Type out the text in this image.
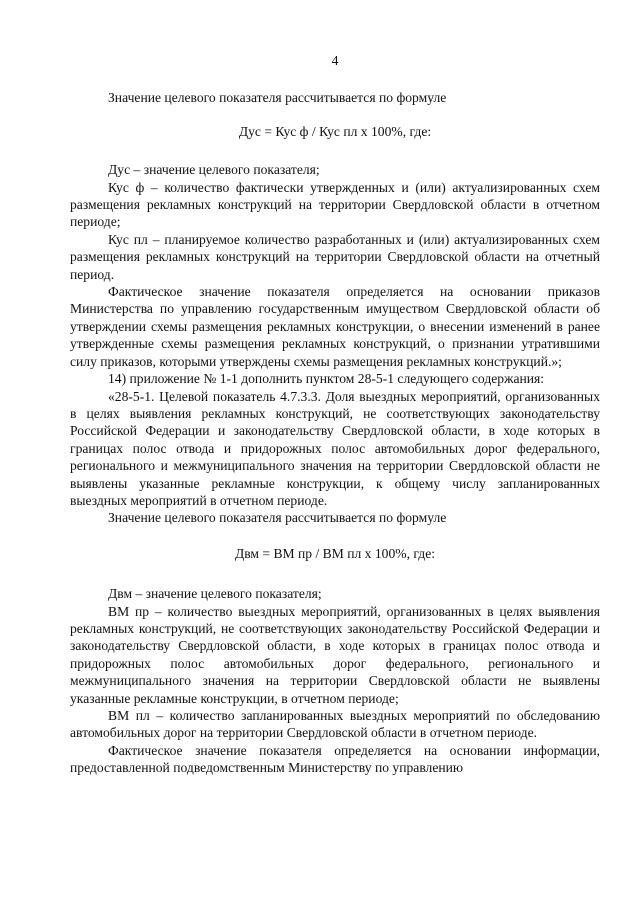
4

Значение целевого показателя рассчитывается по формуле

Дус = Кус ф / Кус пл х 100%, где:

Дус – значение целевого показателя;

Кус ф – количество фактически утвержденных и (или) актуализированных схем размещения рекламных конструкций на территории Свердловской области в отчетном периоде;

Кус пл – планируемое количество разработанных и (или) актуализированных схем размещения рекламных конструкций на территории Свердловской области на отчетный период.

Фактическое значение показателя определяется на основании приказов Министерства по управлению государственным имуществом Свердловской области об утверждении схемы размещения рекламных конструкции, о внесении изменений в ранее утвержденные схемы размещения рекламных конструкций, о признании утратившими силу приказов, которыми утверждены схемы размещения рекламных конструкций.»;

14) приложение № 1-1 дополнить пунктом 28-5-1 следующего содержания:

«28-5-1. Целевой показатель 4.7.3.3. Доля выездных мероприятий, организованных в целях выявления рекламных конструкций, не соответствующих законодательству Российской Федерации и законодательству Свердловской области, в ходе которых в границах полос отвода и придорожных полос автомобильных дорог федерального, регионального и межмуниципального значения на территории Свердловской области не выявлены указанные рекламные конструкции, к общему числу запланированных выездных мероприятий в отчетном периоде.

Значение целевого показателя рассчитывается по формуле

Двм = ВМ пр / ВМ пл х 100%, где:

Двм – значение целевого показателя;

ВМ пр – количество выездных мероприятий, организованных в целях выявления рекламных конструкций, не соответствующих законодательству Российской Федерации и законодательству Свердловской области, в ходе которых в границах полос отвода и придорожных полос автомобильных дорог федерального, регионального и межмуниципального значения на территории Свердловской области не выявлены указанные рекламные конструкции, в отчетном периоде;

ВМ пл – количество запланированных выездных мероприятий по обследованию автомобильных дорог на территории Свердловской области в отчетном периоде.

Фактическое значение показателя определяется на основании информации, предоставленной подведомственным Министерству по управлению
